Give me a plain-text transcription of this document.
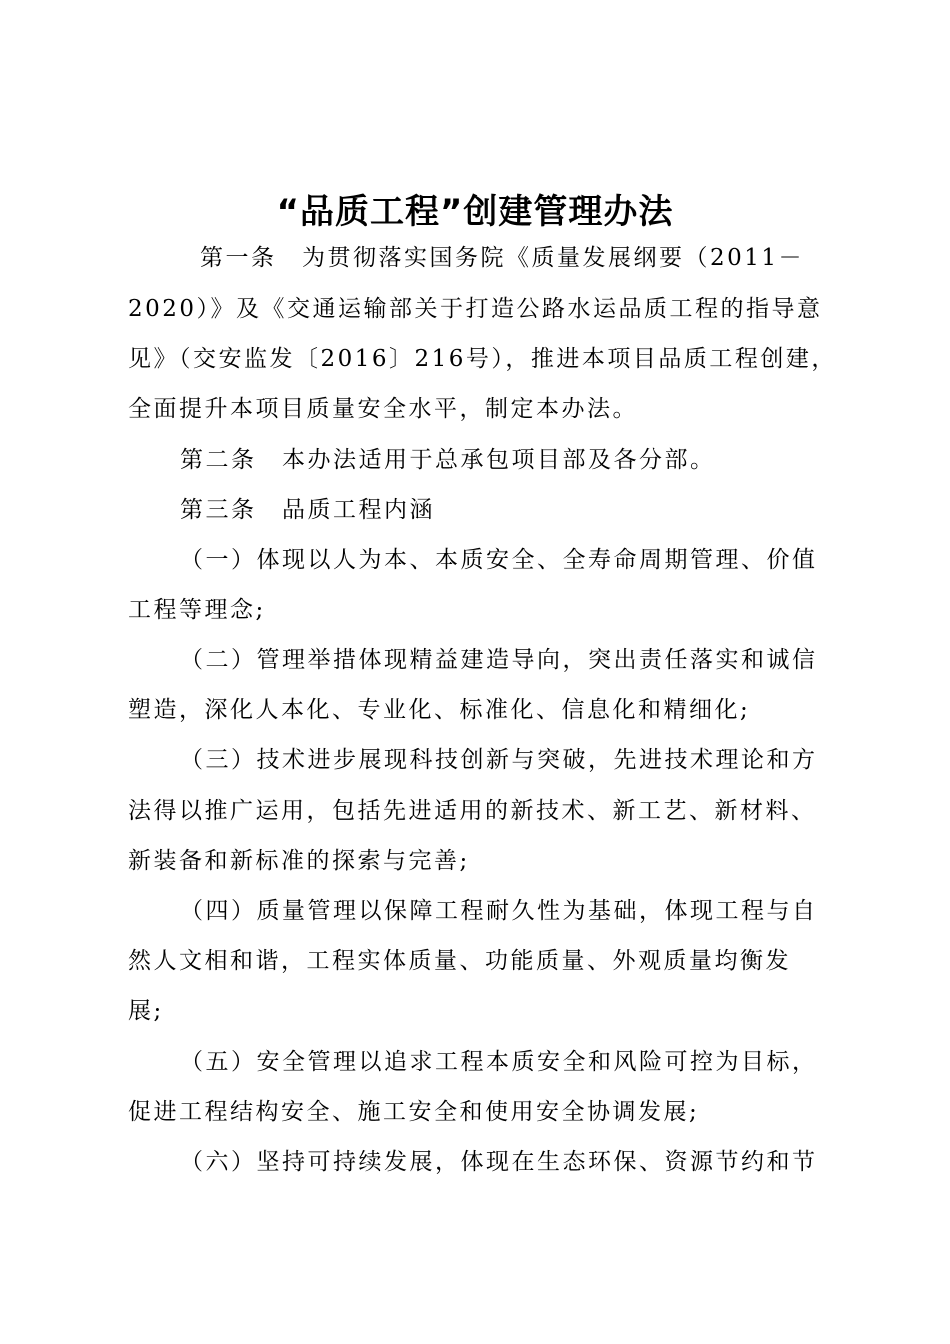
“品质工程”创建管理办法
第一条　为贯彻落实国务院《质量发展纲要（2011－
2020）》及《交通运输部关于打造公路水运品质工程的指导意
见》（交安监发〔2016〕216号），推进本项目品质工程创建，
全面提升本项目质量安全水平，制定本办法。
第二条　本办法适用于总承包项目部及各分部。
第三条　品质工程内涵
（一）体现以人为本、本质安全、全寿命周期管理、价值
工程等理念;
（二）管理举措体现精益建造导向，突出责任落实和诚信
塑造，深化人本化、专业化、标准化、信息化和精细化;
（三）技术进步展现科技创新与突破，先进技术理论和方
法得以推广运用，包括先进适用的新技术、新工艺、新材料、
新装备和新标准的探索与完善;
（四）质量管理以保障工程耐久性为基础，体现工程与自
然人文相和谐，工程实体质量、功能质量、外观质量均衡发
展;
（五）安全管理以追求工程本质安全和风险可控为目标，
促进工程结构安全、施工安全和使用安全协调发展;
（六）坚持可持续发展，体现在生态环保、资源节约和节
